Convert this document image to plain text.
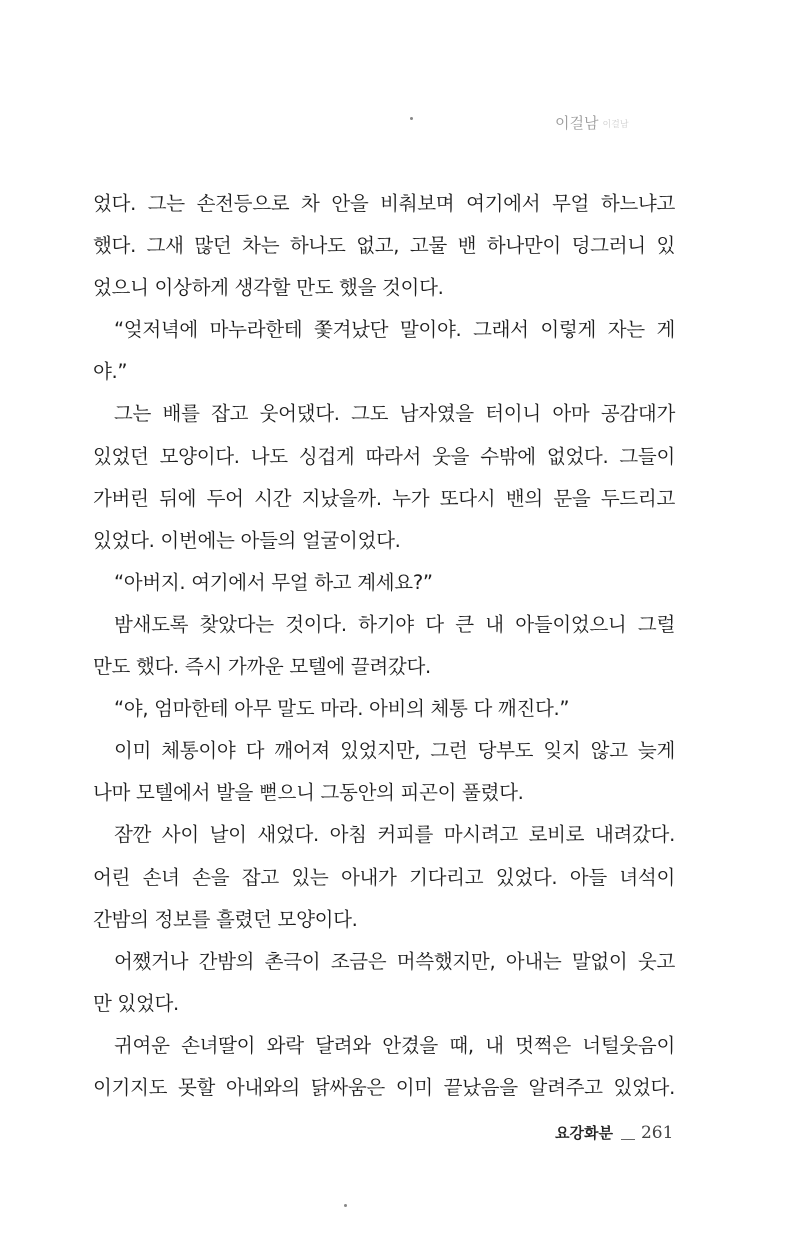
이걸남 이걸남
었다. 그는 손전등으로 차 안을 비춰보며 여기에서 무얼 하느냐고
했다. 그새 많던 차는 하나도 없고, 고물 밴 하나만이 덩그러니 있
었으니 이상하게 생각할 만도 했을 것이다.
“엊저녁에 마누라한테 쫓겨났단 말이야. 그래서 이렇게 자는 게
야.”
그는 배를 잡고 웃어댔다. 그도 남자였을 터이니 아마 공감대가
있었던 모양이다. 나도 싱겁게 따라서 웃을 수밖에 없었다. 그들이
가버린 뒤에 두어 시간 지났을까. 누가 또다시 밴의 문을 두드리고
있었다. 이번에는 아들의 얼굴이었다.
“아버지. 여기에서 무얼 하고 계세요?”
밤새도록 찾았다는 것이다. 하기야 다 큰 내 아들이었으니 그럴
만도 했다. 즉시 가까운 모텔에 끌려갔다.
“야, 엄마한테 아무 말도 마라. 아비의 체통 다 깨진다.”
이미 체통이야 다 깨어져 있었지만, 그런 당부도 잊지 않고 늦게
나마 모텔에서 발을 뻗으니 그동안의 피곤이 풀렸다.
잠깐 사이 날이 새었다. 아침 커피를 마시려고 로비로 내려갔다.
어린 손녀 손을 잡고 있는 아내가 기다리고 있었다. 아들 녀석이
간밤의 정보를 흘렸던 모양이다.
어쨌거나 간밤의 촌극이 조금은 머쓱했지만, 아내는 말없이 웃고
만 있었다.
귀여운 손녀딸이 와락 달려와 안겼을 때, 내 멋쩍은 너털웃음이
이기지도 못할 아내와의 닭싸움은 이미 끝났음을 알려주고 있었다.
요강화분 261
